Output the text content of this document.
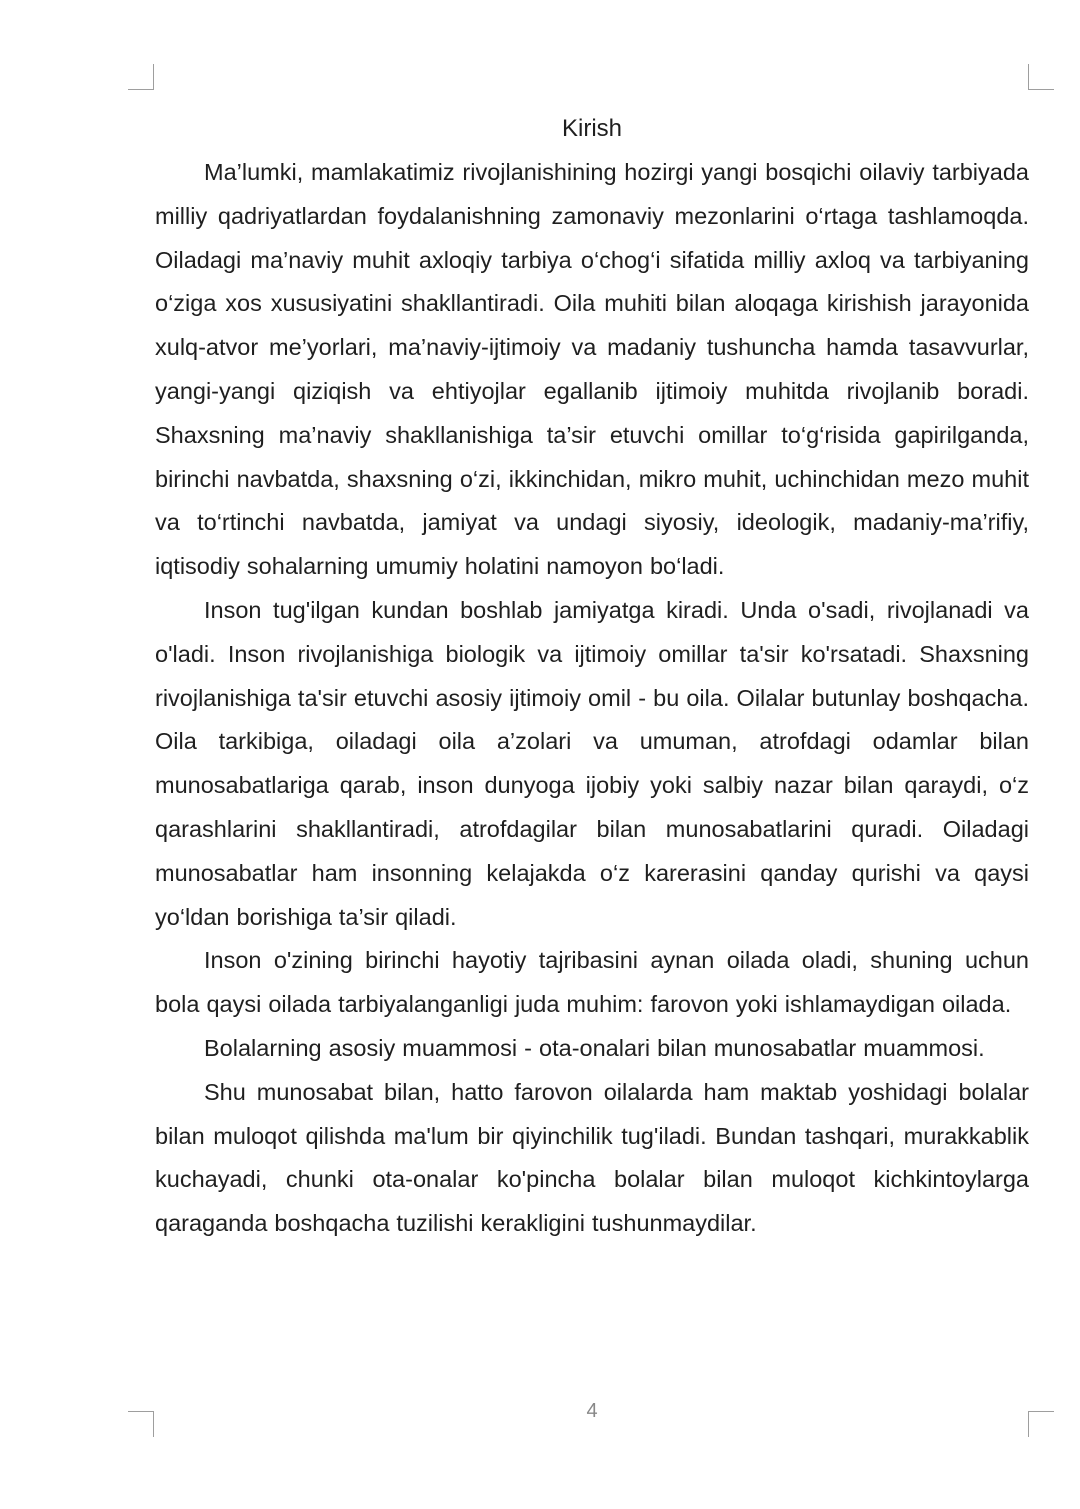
Kirish

Ma’lumki, mamlakatimiz rivojlanishining hozirgi yangi bosqichi oilaviy tarbiyada milliy qadriyatlardan foydalanishning zamonaviy mezonlarini o‘rtaga tashlamoqda. Oiladagi ma’naviy muhit axloqiy tarbiya o‘chog‘i sifatida milliy axloq va tarbiyaning o‘ziga xos xususiyatini shakllantiradi. Oila muhiti bilan aloqaga kirishish jarayonida xulq-atvor me’yorlari, ma’naviy-ijtimoiy va madaniy tushuncha hamda tasavvurlar, yangi-yangi qiziqish va ehtiyojlar egallanib ijtimoiy muhitda rivojlanib boradi. Shaxsning ma’naviy shakllanishiga ta’sir etuvchi omillar to‘g‘risida gapirilganda, birinchi navbatda, shaxsning o‘zi, ikkinchidan, mikro muhit, uchinchidan mezo muhit va to‘rtinchi navbatda, jamiyat va undagi siyosiy, ideologik, madaniy-ma’rifiy, iqtisodiy sohalarning umumiy holatini namoyon bo‘ladi.

Inson tug'ilgan kundan boshlab jamiyatga kiradi. Unda o'sadi, rivojlanadi va o'ladi. Inson rivojlanishiga biologik va ijtimoiy omillar ta'sir ko'rsatadi. Shaxsning rivojlanishiga ta'sir etuvchi asosiy ijtimoiy omil - bu oila. Oilalar butunlay boshqacha. Oila tarkibiga, oiladagi oila a’zolari va umuman, atrofdagi odamlar bilan munosabatlariga qarab, inson dunyoga ijobiy yoki salbiy nazar bilan qaraydi, o‘z qarashlarini shakllantiradi, atrofdagilar bilan munosabatlarini quradi. Oiladagi munosabatlar ham insonning kelajakda o‘z karerasini qanday qurishi va qaysi yo‘ldan borishiga ta’sir qiladi.

Inson o'zining birinchi hayotiy tajribasini aynan oilada oladi, shuning uchun bola qaysi oilada tarbiyalanganligi juda muhim: farovon yoki ishlamaydigan oilada.

Bolalarning asosiy muammosi - ota-onalari bilan munosabatlar muammosi.

Shu munosabat bilan, hatto farovon oilalarda ham maktab yoshidagi bolalar bilan muloqot qilishda ma'lum bir qiyinchilik tug'iladi. Bundan tashqari, murakkablik kuchayadi, chunki ota-onalar ko'pincha bolalar bilan muloqot kichkintoylarga qaraganda boshqacha tuzilishi kerakligini tushunmaydilar.

4
